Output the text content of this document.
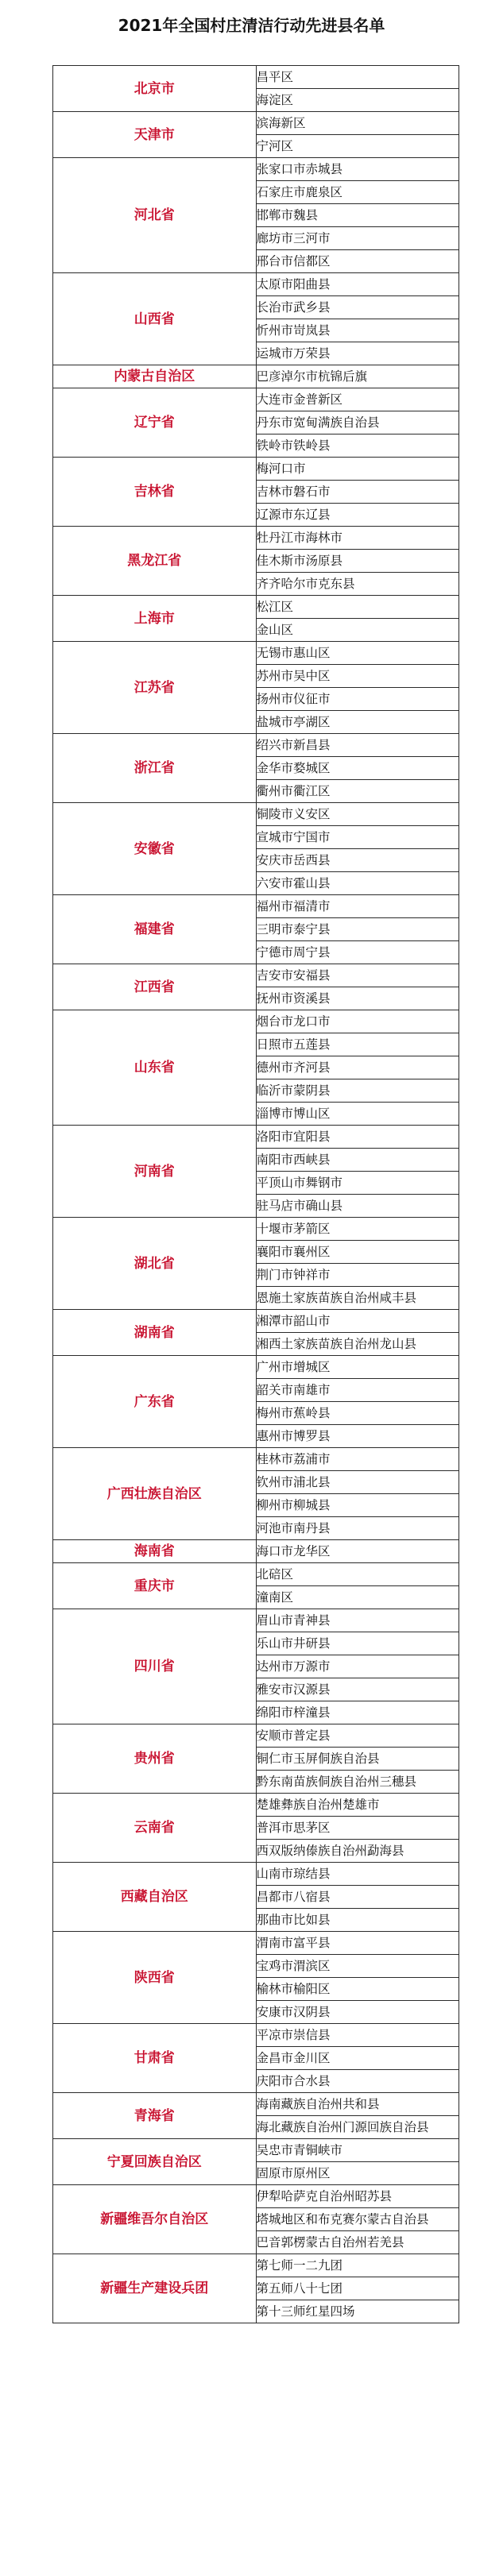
2021年全国村庄清洁行动先进县名单

北京市	昌平区
	海淀区
天津市	滨海新区
	宁河区
河北省	张家口市赤城县
	石家庄市鹿泉区
	邯郸市魏县
	廊坊市三河市
	邢台市信都区
山西省	太原市阳曲县
	长治市武乡县
	忻州市岢岚县
	运城市万荣县
内蒙古自治区	巴彦淖尔市杭锦后旗
辽宁省	大连市金普新区
	丹东市宽甸满族自治县
	铁岭市铁岭县
吉林省	梅河口市
	吉林市磐石市
	辽源市东辽县
黑龙江省	牡丹江市海林市
	佳木斯市汤原县
	齐齐哈尔市克东县
上海市	松江区
	金山区
江苏省	无锡市惠山区
	苏州市吴中区
	扬州市仪征市
	盐城市亭湖区
浙江省	绍兴市新昌县
	金华市婺城区
	衢州市衢江区
安徽省	铜陵市义安区
	宣城市宁国市
	安庆市岳西县
	六安市霍山县
福建省	福州市福清市
	三明市泰宁县
	宁德市周宁县
江西省	吉安市安福县
	抚州市资溪县
山东省	烟台市龙口市
	日照市五莲县
	德州市齐河县
	临沂市蒙阴县
	淄博市博山区
河南省	洛阳市宜阳县
	南阳市西峡县
	平顶山市舞钢市
	驻马店市确山县
湖北省	十堰市茅箭区
	襄阳市襄州区
	荆门市钟祥市
	恩施土家族苗族自治州咸丰县
湖南省	湘潭市韶山市
	湘西土家族苗族自治州龙山县
广东省	广州市增城区
	韶关市南雄市
	梅州市蕉岭县
	惠州市博罗县
广西壮族自治区	桂林市荔浦市
	钦州市浦北县
	柳州市柳城县
	河池市南丹县
海南省	海口市龙华区
重庆市	北碚区
	潼南区
四川省	眉山市青神县
	乐山市井研县
	达州市万源市
	雅安市汉源县
	绵阳市梓潼县
贵州省	安顺市普定县
	铜仁市玉屏侗族自治县
	黔东南苗族侗族自治州三穗县
云南省	楚雄彝族自治州楚雄市
	普洱市思茅区
	西双版纳傣族自治州勐海县
西藏自治区	山南市琼结县
	昌都市八宿县
	那曲市比如县
陕西省	渭南市富平县
	宝鸡市渭滨区
	榆林市榆阳区
	安康市汉阴县
甘肃省	平凉市崇信县
	金昌市金川区
	庆阳市合水县
青海省	海南藏族自治州共和县
	海北藏族自治州门源回族自治县
宁夏回族自治区	吴忠市青铜峡市
	固原市原州区
新疆维吾尔自治区	伊犁哈萨克自治州昭苏县
	塔城地区和布克赛尔蒙古自治县
	巴音郭楞蒙古自治州若羌县
新疆生产建设兵团	第七师一二九团
	第五师八十七团
	第十三师红星四场
